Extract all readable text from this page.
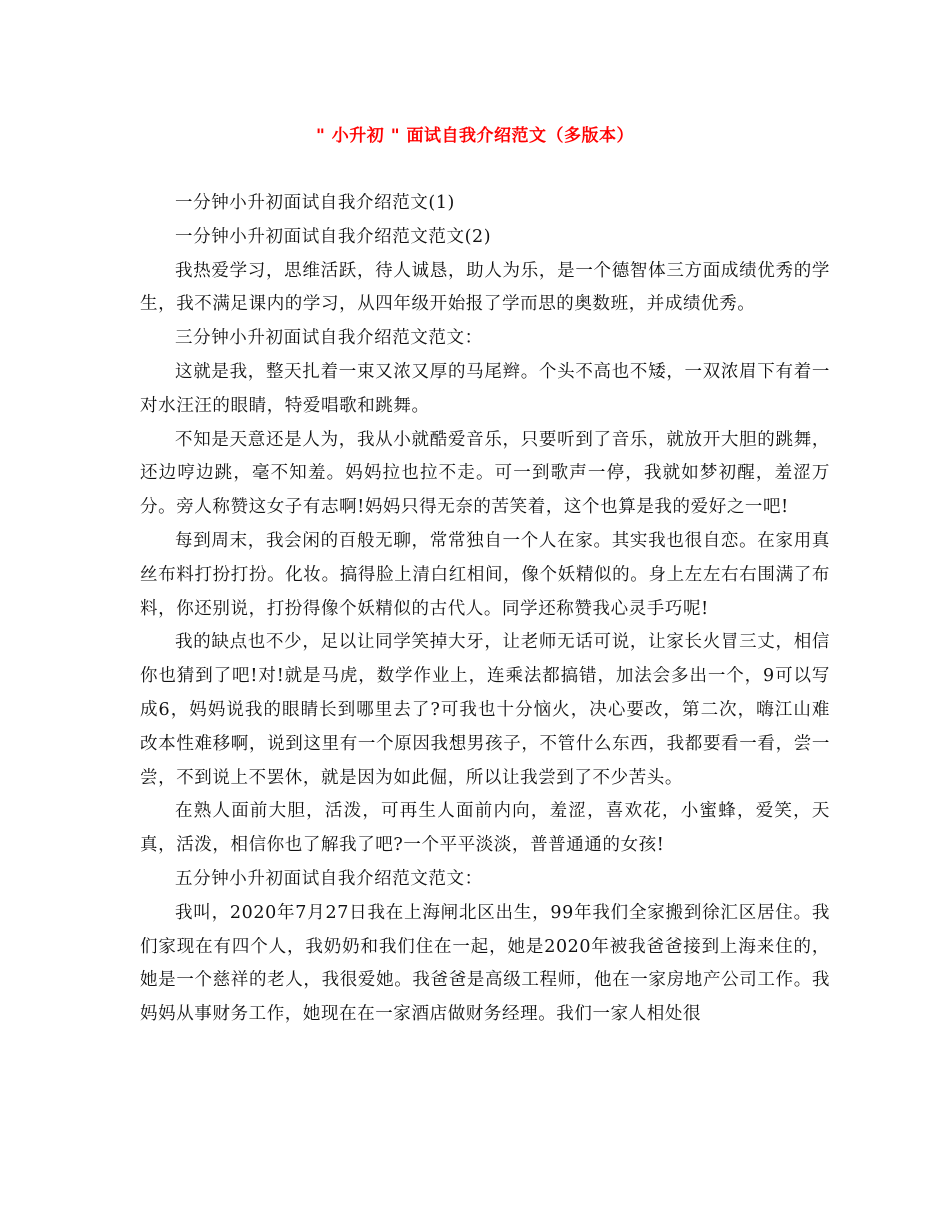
" 小升初 " 面试自我介绍范文（多版本）

一分钟小升初面试自我介绍范文(1)

一分钟小升初面试自我介绍范文范文(2)

我热爱学习，思维活跃，待人诚恳，助人为乐，是一个德智体三方面成绩优秀的学生，我不满足课内的学习，从四年级开始报了学而思的奥数班，并成绩优秀。

三分钟小升初面试自我介绍范文范文：

这就是我，整天扎着一束又浓又厚的马尾辫。个头不高也不矮，一双浓眉下有着一对水汪汪的眼睛，特爱唱歌和跳舞。

不知是天意还是人为，我从小就酷爱音乐，只要听到了音乐，就放开大胆的跳舞，还边哼边跳，毫不知羞。妈妈拉也拉不走。可一到歌声一停，我就如梦初醒，羞涩万分。旁人称赞这女子有志啊!妈妈只得无奈的苦笑着，这个也算是我的爱好之一吧!

每到周末，我会闲的百般无聊，常常独自一个人在家。其实我也很自恋。在家用真丝布料打扮打扮。化妆。搞得脸上清白红相间，像个妖精似的。身上左左右右围满了布料，你还别说，打扮得像个妖精似的古代人。同学还称赞我心灵手巧呢!

我的缺点也不少，足以让同学笑掉大牙，让老师无话可说，让家长火冒三丈，相信你也猜到了吧!对!就是马虎，数学作业上，连乘法都搞错，加法会多出一个，9可以写成6，妈妈说我的眼睛长到哪里去了?可我也十分恼火，决心要改，第二次，嗨江山难改本性难移啊，说到这里有一个原因我想男孩子，不管什么东西，我都要看一看，尝一尝，不到说上不罢休，就是因为如此倔，所以让我尝到了不少苦头。

在熟人面前大胆，活泼，可再生人面前内向，羞涩，喜欢花，小蜜蜂，爱笑，天真，活泼，相信你也了解我了吧?一个平平淡淡，普普通通的女孩!

五分钟小升初面试自我介绍范文范文：

我叫，2020年7月27日我在上海闸北区出生，99年我们全家搬到徐汇区居住。我们家现在有四个人，我奶奶和我们住在一起，她是2020年被我爸爸接到上海来住的，她是一个慈祥的老人，我很爱她。我爸爸是高级工程师，他在一家房地产公司工作。我妈妈从事财务工作，她现在在一家酒店做财务经理。我们一家人相处很
